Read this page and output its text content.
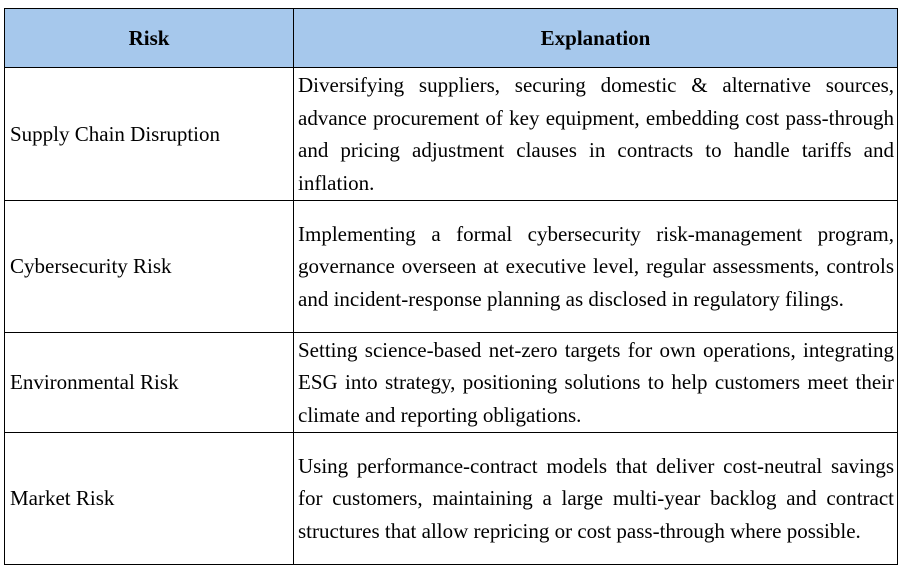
Risk	Explanation
Supply Chain Disruption	Diversifying suppliers, securing domestic & alternative sources, advance procurement of key equipment, embedding cost pass-through and pricing adjustment clauses in contracts to handle tariffs and inflation.
Cybersecurity Risk	Implementing a formal cybersecurity risk-management program, governance overseen at executive level, regular assessments, controls and incident-response planning as disclosed in regulatory filings.
Environmental Risk	Setting science-based net-zero targets for own operations, integrating ESG into strategy, positioning solutions to help customers meet their climate and reporting obligations.
Market Risk	Using performance-contract models that deliver cost-neutral savings for customers, maintaining a large multi-year backlog and contract structures that allow repricing or cost pass-through where possible.
